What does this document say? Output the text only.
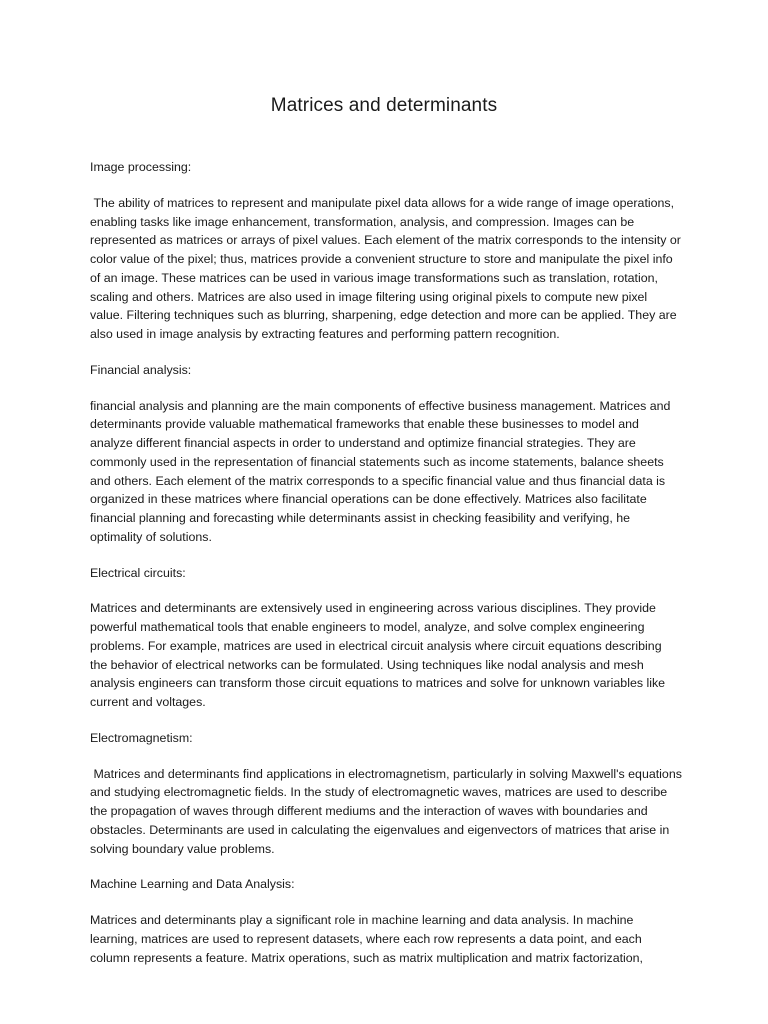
Matrices and determinants

Image processing:

The ability of matrices to represent and manipulate pixel data allows for a wide range of image operations, enabling tasks like image enhancement, transformation, analysis, and compression. Images can be represented as matrices or arrays of pixel values. Each element of the matrix corresponds to the intensity or color value of the pixel; thus, matrices provide a convenient structure to store and manipulate the pixel info of an image. These matrices can be used in various image transformations such as translation, rotation, scaling and others. Matrices are also used in image filtering using original pixels to compute new pixel value. Filtering techniques such as blurring, sharpening, edge detection and more can be applied. They are also used in image analysis by extracting features and performing pattern recognition.

Financial analysis:

financial analysis and planning are the main components of effective business management. Matrices and determinants provide valuable mathematical frameworks that enable these businesses to model and analyze different financial aspects in order to understand and optimize financial strategies. They are commonly used in the representation of financial statements such as income statements, balance sheets and others. Each element of the matrix corresponds to a specific financial value and thus financial data is organized in these matrices where financial operations can be done effectively. Matrices also facilitate financial planning and forecasting while determinants assist in checking feasibility and verifying, he optimality of solutions.

Electrical circuits:

Matrices and determinants are extensively used in engineering across various disciplines. They provide powerful mathematical tools that enable engineers to model, analyze, and solve complex engineering problems. For example, matrices are used in electrical circuit analysis where circuit equations describing the behavior of electrical networks can be formulated. Using techniques like nodal analysis and mesh analysis engineers can transform those circuit equations to matrices and solve for unknown variables like current and voltages.

Electromagnetism:

Matrices and determinants find applications in electromagnetism, particularly in solving Maxwell's equations and studying electromagnetic fields. In the study of electromagnetic waves, matrices are used to describe the propagation of waves through different mediums and the interaction of waves with boundaries and obstacles. Determinants are used in calculating the eigenvalues and eigenvectors of matrices that arise in solving boundary value problems.

Machine Learning and Data Analysis:

Matrices and determinants play a significant role in machine learning and data analysis. In machine learning, matrices are used to represent datasets, where each row represents a data point, and each column represents a feature. Matrix operations, such as matrix multiplication and matrix factorization,
